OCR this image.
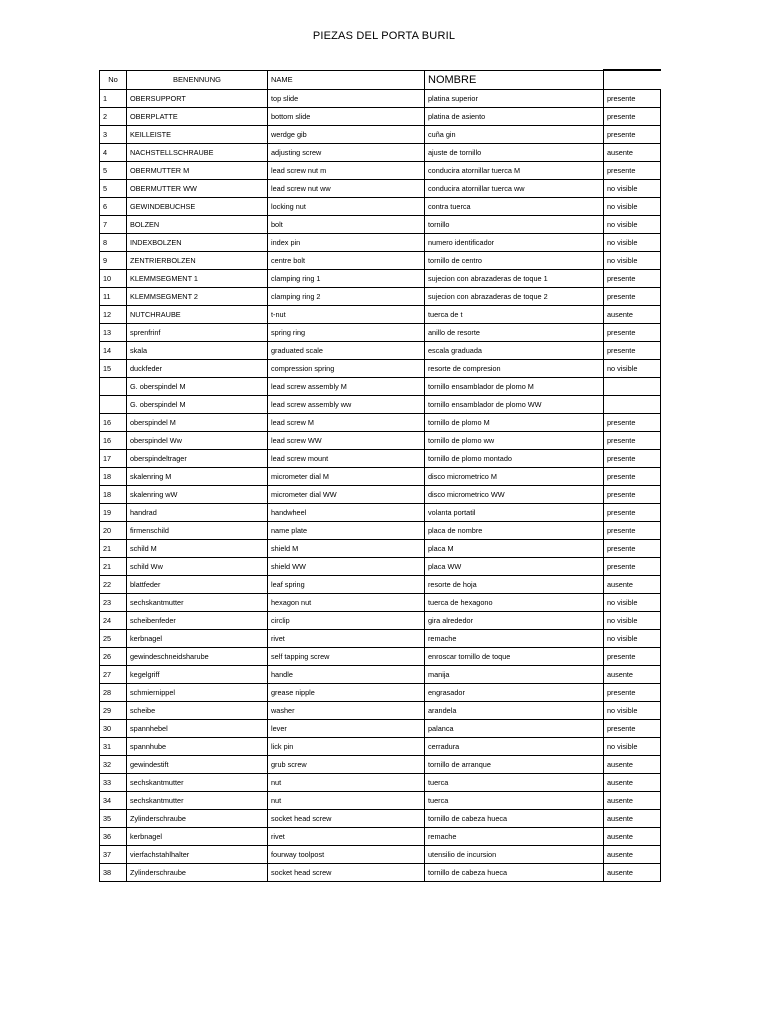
PIEZAS DEL PORTA BURIL
No	BENENNUNG	NAME	NOMBRE	
1	OBERSUPPORT	top slide	platina superior	presente
2	OBERPLATTE	bottom slide	platina de asiento	presente
3	KEILLEISTE	werdge gib	cuña gin	presente
4	NACHSTELLSCHRAUBE	adjusting screw	ajuste de tornillo	ausente
5	OBERMUTTER M	lead screw nut m	conducira atornillar tuerca M	presente
5	OBERMUTTER WW	lead screw nut ww	conducira atornillar tuerca ww	no visible
6	GEWINDEBUCHSE	locking nut	contra tuerca	no visible
7	BOLZEN	bolt	tornillo	no visible
8	INDEXBOLZEN	index pin	numero identificador	no visible
9	ZENTRIERBOLZEN	centre bolt	tornillo de centro	no visible
10	KLEMMSEGMENT 1	clamping ring 1	sujecion con abrazaderas de toque 1	presente
11	KLEMMSEGMENT 2	clamping ring 2	sujecion con abrazaderas de toque 2	presente
12	NUTCHRAUBE	t-nut	tuerca de t	ausente
13	sprenfrinf	spring ring	anillo de resorte	presente
14	skala	graduated scale	escala graduada	presente
15	duckfeder	compression spring	resorte de compresion	no visible
	G. oberspindel M	lead screw assembly M	tornillo ensamblador de plomo M	
	G. oberspindel M	lead screw assembly ww	tornillo ensamblador de plomo WW	
16	oberspindel M	lead screw M	tornillo de plomo M	presente
16	oberspindel Ww	lead screw WW	tornillo de plomo ww	presente
17	oberspindeltrager	lead screw mount	tornillo de plomo montado	presente
18	skalenring M	micrometer dial M	disco micrometrico M	presente
18	skalenring wW	micrometer dial WW	disco micrometrico WW	presente
19	handrad	handwheel	volanta portatil	presente
20	firmenschild	name plate	placa de nombre	presente
21	schild M	shield M	placa M	presente
21	schild Ww	shield WW	placa WW	presente
22	blattfeder	leaf spring	resorte de hoja	ausente
23	sechskantmutter	hexagon nut	tuerca de hexagono	no visible
24	scheibenfeder	circlip	gira alrededor	no visible
25	kerbnagel	rivet	remache	no visible
26	gewindeschneidsharube	self tapping screw	enroscar tornillo de toque	presente
27	kegelgriff	handle	manija	ausente
28	schmiernippel	grease nipple	engrasador	presente
29	scheibe	washer	arandela	no visible
30	spannhebel	lever	palanca	presente
31	spannhube	lick pin	cerradura	no visible
32	gewindestift	grub screw	tornillo de arranque	ausente
33	sechskantmutter	nut	tuerca	ausente
34	sechskantmutter	nut	tuerca	ausente
35	Zylinderschraube	socket head screw	tornillo de cabeza hueca	ausente
36	kerbnagel	rivet	remache	ausente
37	vierfachstahlhalter	fourway toolpost	utensilio de incursion	ausente
38	Zylinderschraube	socket head screw	tornillo de cabeza hueca	ausente
